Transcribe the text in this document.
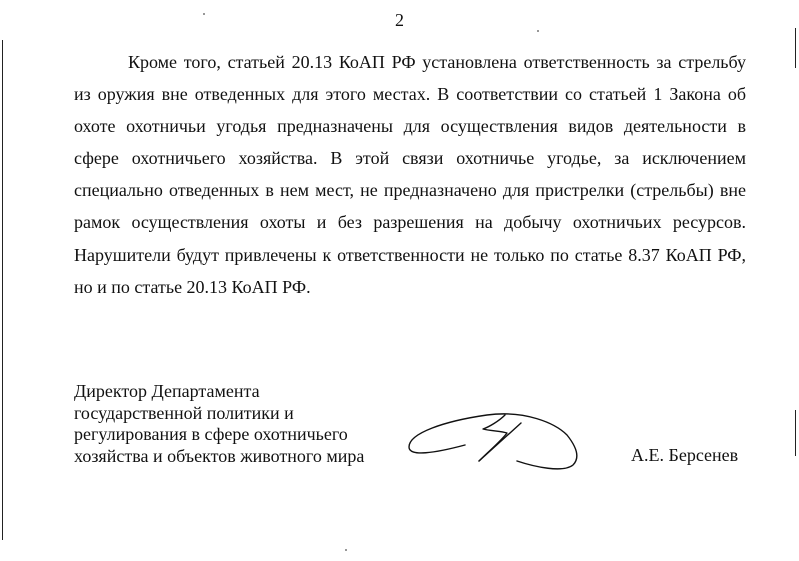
2

Кроме того, статьей 20.13 КоАП РФ установлена ответственность за стрельбу из оружия вне отведенных для этого местах. В соответствии со статьей 1 Закона об охоте охотничьи угодья предназначены для осуществления видов деятельности в сфере охотничьего хозяйства. В этой связи охотничье угодье, за исключением специально отведенных в нем мест, не предназначено для пристрелки (стрельбы) вне рамок осуществления охоты и без разрешения на добычу охотничьих ресурсов. Нарушители будут привлечены к ответственности не только по статье 8.37 КоАП РФ, но и по статье 20.13 КоАП РФ.

Директор Департамента
государственной политики и
регулирования в сфере охотничьего
хозяйства и объектов животного мира	А.Е. Берсенев
